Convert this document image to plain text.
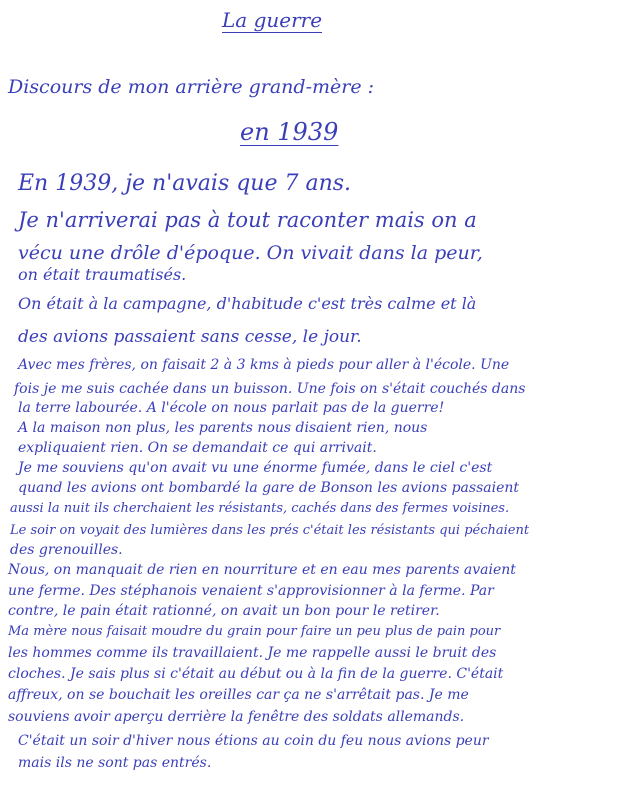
La guerre
Discours de mon arrière grand-mère :
en 1939
En 1939, je n'avais que 7 ans.
Je n'arriverai pas à tout raconter mais on a
vécu une drôle d'époque. On vivait dans la peur,
on était traumatisés.
On était à la campagne, d'habitude c'est très calme et là
des avions passaient sans cesse, le jour.
Avec mes frères, on faisait 2 à 3 kms à pieds pour aller à l'école. Une
fois je me suis cachée dans un buisson. Une fois on s'était couchés dans
la terre labourée. A l'école on nous parlait pas de la guerre!
A la maison non plus, les parents nous disaient rien, nous
expliquaient rien. On se demandait ce qui arrivait.
Je me souviens qu'on avait vu une énorme fumée, dans le ciel c'est
quand les avions ont bombardé la gare de Bonson les avions passaient
aussi la nuit ils cherchaient les résistants, cachés dans des fermes voisines.
Le soir on voyait des lumières dans les prés c'était les résistants qui péchaient
des grenouilles.
Nous, on manquait de rien en nourriture et en eau mes parents avaient
une ferme. Des stéphanois venaient s'approvisionner à la ferme. Par
contre, le pain était rationné, on avait un bon pour le retirer.
Ma mère nous faisait moudre du grain pour faire un peu plus de pain pour
les hommes comme ils travaillaient. Je me rappelle aussi le bruit des
cloches. Je sais plus si c'était au début ou à la fin de la guerre. C'était
affreux, on se bouchait les oreilles car ça ne s'arrêtait pas. Je me
souviens avoir aperçu derrière la fenêtre des soldats allemands.
C'était un soir d'hiver nous étions au coin du feu nous avions peur
mais ils ne sont pas entrés.
